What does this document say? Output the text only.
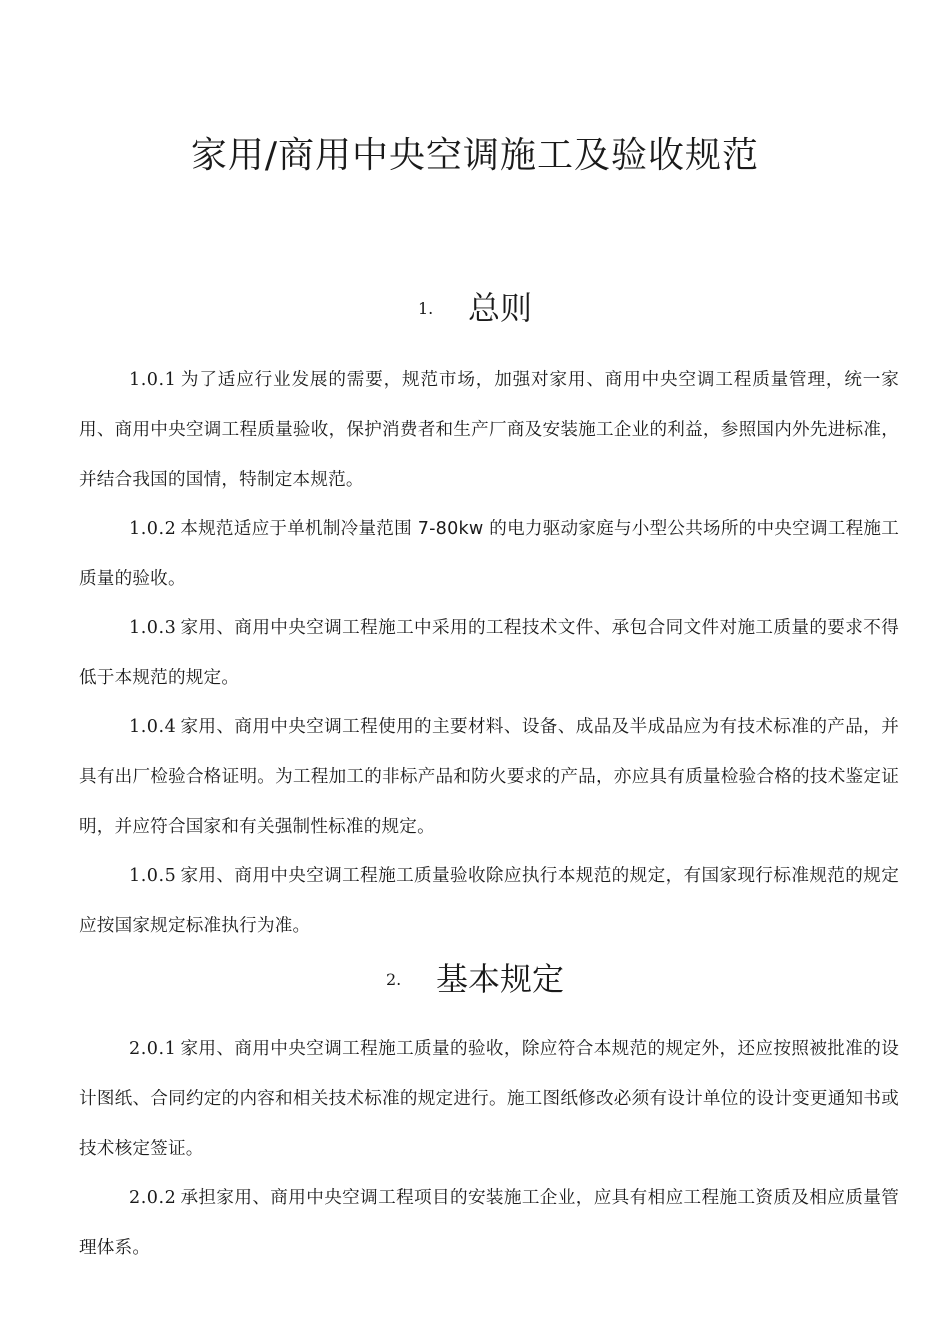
家用/商用中央空调施工及验收规范
1. 总则

1.0.1 为了适应行业发展的需要，规范市场，加强对家用、商用中央空调工程质量管理，统一家用、商用中央空调工程质量验收，保护消费者和生产厂商及安装施工企业的利益，参照国内外先进标准，并结合我国的国情，特制定本规范。

1.0.2 本规范适应于单机制冷量范围 7-80kw 的电力驱动家庭与小型公共场所的中央空调工程施工质量的验收。

1.0.3 家用、商用中央空调工程施工中采用的工程技术文件、承包合同文件对施工质量的要求不得低于本规范的规定。

1.0.4 家用、商用中央空调工程使用的主要材料、设备、成品及半成品应为有技术标准的产品，并具有出厂检验合格证明。为工程加工的非标产品和防火要求的产品，亦应具有质量检验合格的技术鉴定证明，并应符合国家和有关强制性标准的规定。

1.0.5 家用、商用中央空调工程施工质量验收除应执行本规范的规定，有国家现行标准规范的规定应按国家规定标准执行为准。

2. 基本规定

2.0.1 家用、商用中央空调工程施工质量的验收，除应符合本规范的规定外，还应按照被批准的设计图纸、合同约定的内容和相关技术标准的规定进行。施工图纸修改必须有设计单位的设计变更通知书或技术核定签证。

2.0.2 承担家用、商用中央空调工程项目的安装施工企业，应具有相应工程施工资质及相应质量管理体系。
